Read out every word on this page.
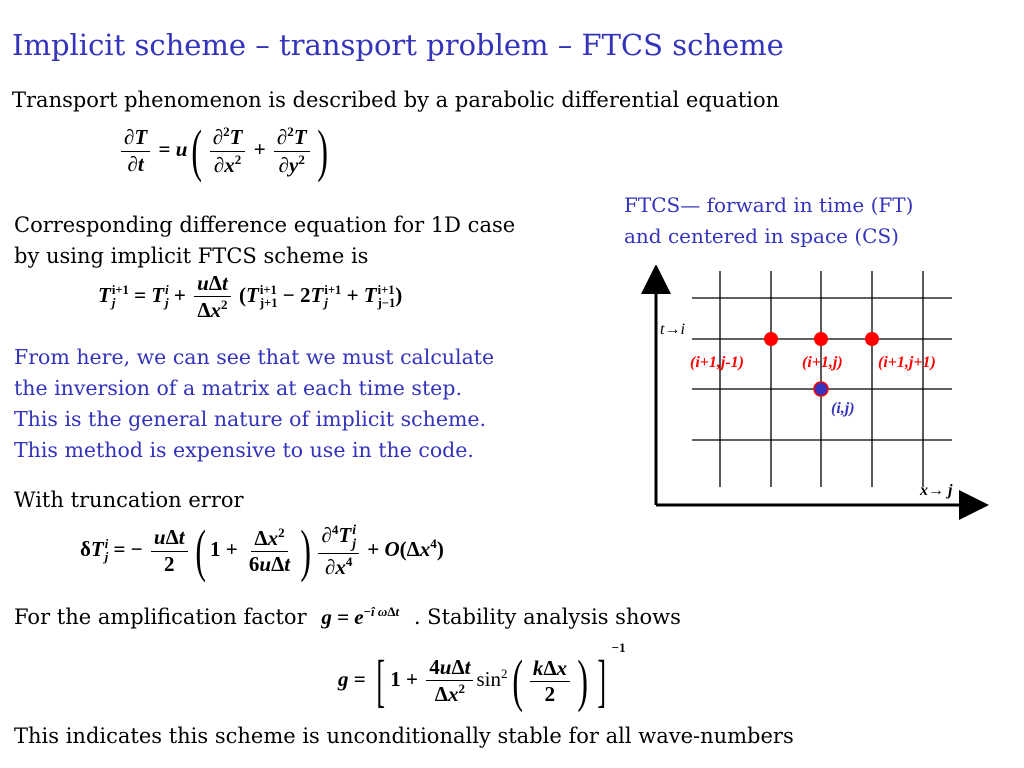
Implicit scheme – transport problem – FTCS scheme
Transport phenomenon is described by a parabolic differential equation
$\frac{\partial T}{\partial t} = u( \frac{\partial^2T}{\partial x^2} + \frac{\partial^2T}{\partial y^2}$ )
Corresponding difference equation for 1D case by using implicit FTCS scheme is
T i+1
j = T i
$j + \frac{\text{uΔt}}{\Delta x^2} (T$ i+1
j+1 − 2T i+1
j + T i+1
j−1 )
From here, we can see that we must calculate
the inversion of a matrix at each time step.
This is the general nature of implicit scheme.
This method is expensive to use in the code.
With truncation error
δT i
j = − $\frac{\text{uΔt}}{2}$ ( $1 + \frac{\Delta x^2}{\text{6uΔt}}$ ) ∂$^4$T i
j
$\partial x^4 + O(\Delta x^4)$
For the amplification factor $g = e^{-î \omega\Delta t}$ . Stability analysis shows
g = [ $1 + \frac{\text{4uΔt}}{\Delta x^2} \sin^2( \frac{\text{kΔx}}{2}$ ) ]$^{-1}$
This indicates this scheme is unconditionally stable for all wave-numbers
FTCS— forward in time (FT)
and centered in space (CS)
t→i
x→ j
(i+1,j-1)	(i+1,j) (i+1,j+1)
(i,j)
